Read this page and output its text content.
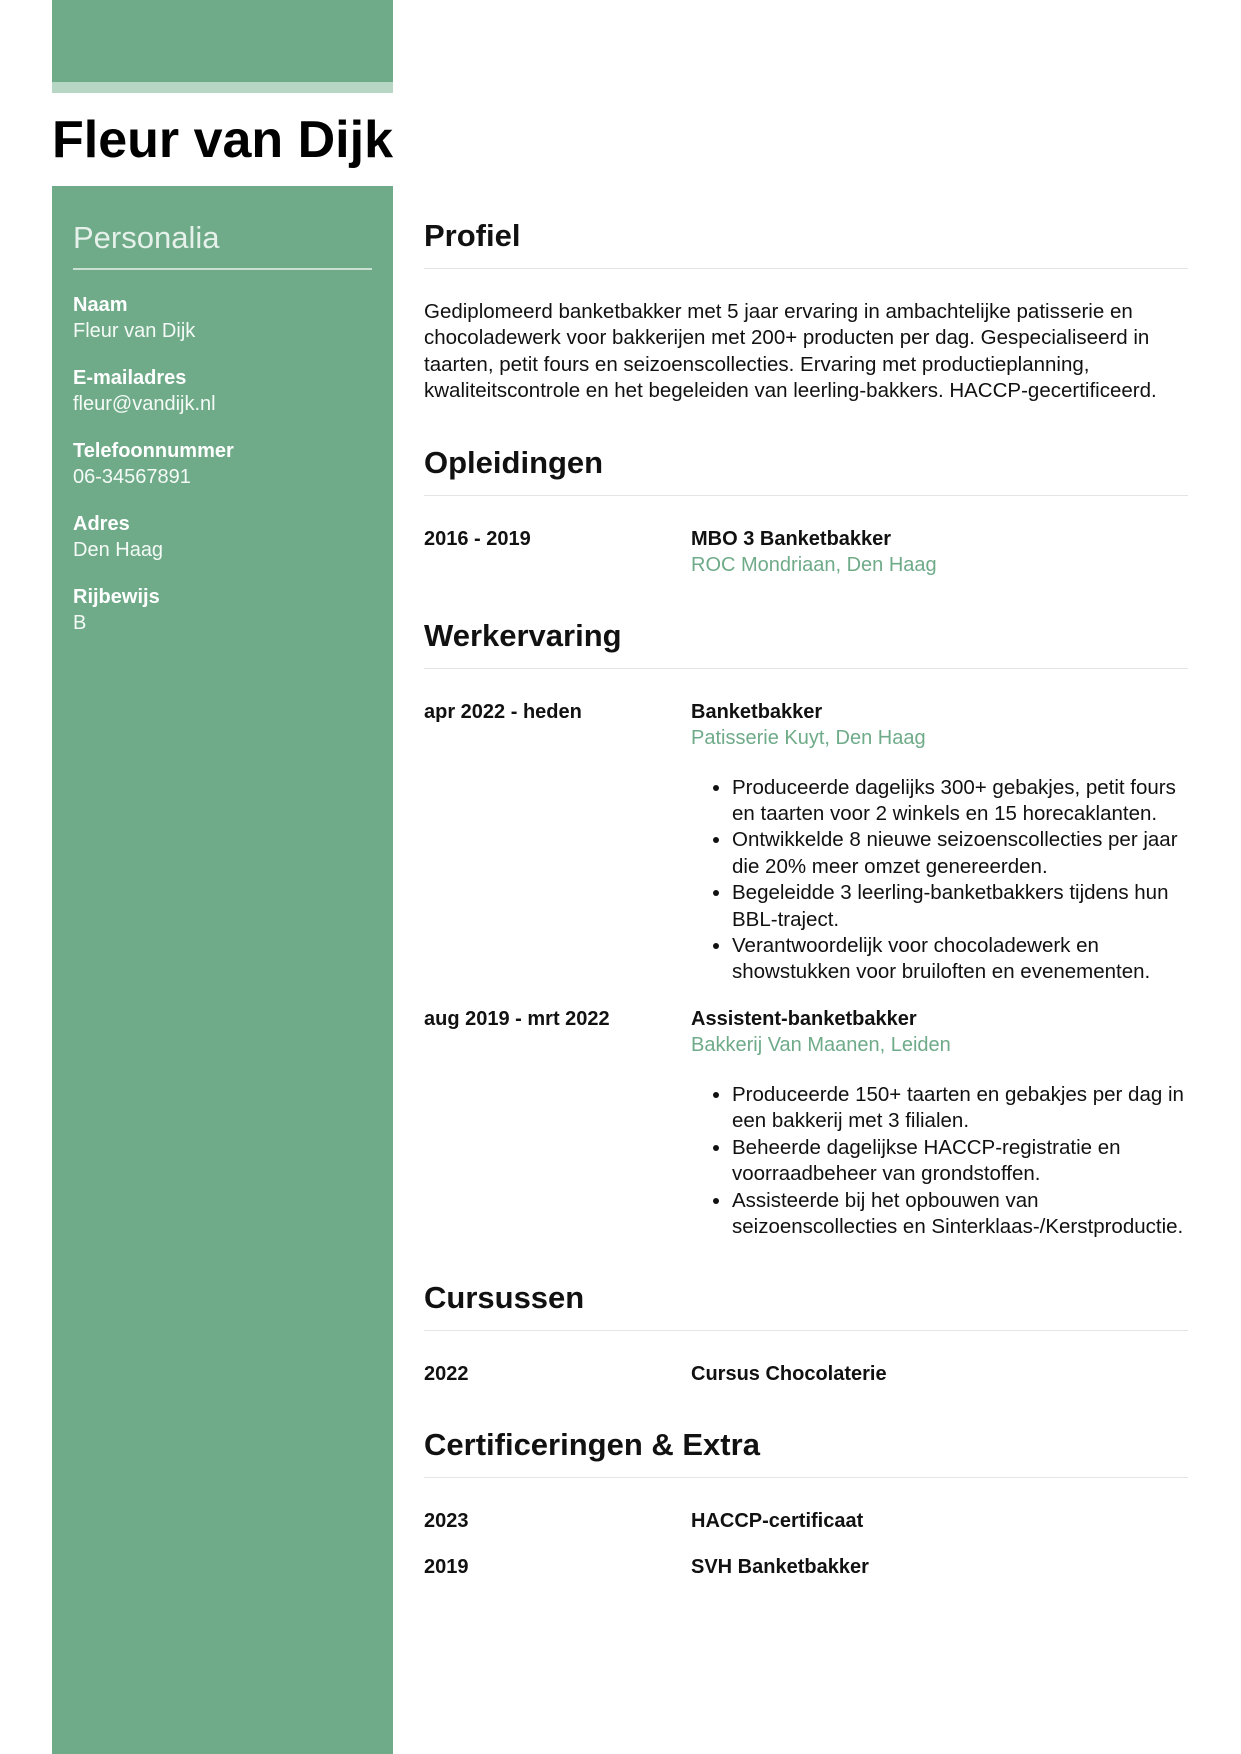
Fleur van Dijk
Personalia
Naam
Fleur van Dijk
E-mailadres
fleur@vandijk.nl
Telefoonnummer
06-34567891
Adres
Den Haag
Rijbewijs
B
Profiel

Gediplomeerd banketbakker met 5 jaar ervaring in ambachtelijke patisserie en chocoladewerk voor bakkerijen met 200+ producten per dag. Gespecialiseerd in taarten, petit fours en seizoenscollecties. Ervaring met productieplanning, kwaliteitscontrole en het begeleiden van leerling-bakkers. HACCP-gecertificeerd.

Opleidingen
2016 - 2019	MBO 3 Banketbakker
ROC Mondriaan, Den Haag
Werkervaring
apr 2022 - heden	Banketbakker
Patisserie Kuyt, Den Haag
• Produceerde dagelijks 300+ gebakjes, petit fours en taarten voor 2 winkels en 15 horecaklanten.
• Ontwikkelde 8 nieuwe seizoenscollecties per jaar die 20% meer omzet genereerden.
• Begeleidde 3 leerling-banketbakkers tijdens hun BBL-traject.
• Verantwoordelijk voor chocoladewerk en showstukken voor bruiloften en evenementen.
aug 2019 - mrt 2022	Assistent-banketbakker
Bakkerij Van Maanen, Leiden
• Produceerde 150+ taarten en gebakjes per dag in een bakkerij met 3 filialen.
• Beheerde dagelijkse HACCP-registratie en voorraadbeheer van grondstoffen.
• Assisteerde bij het opbouwen van seizoenscollecties en Sinterklaas-/Kerstproductie.
Cursussen
2022	Cursus Chocolaterie
Certificeringen & Extra
2023	HACCP-certificaat
2019	SVH Banketbakker
